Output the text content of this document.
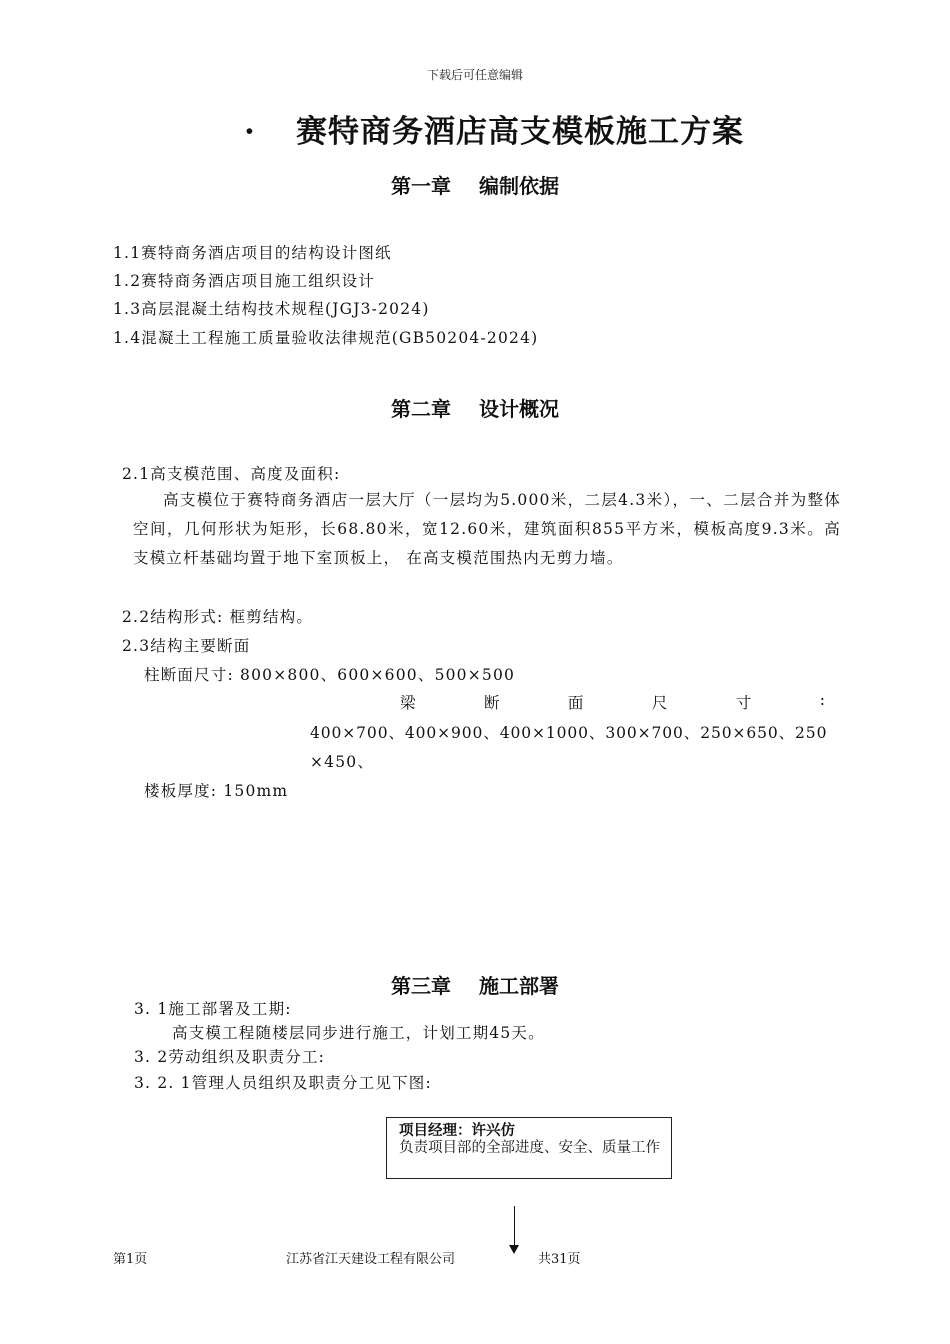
下载后可任意编辑
· 赛特商务酒店高支模板施工方案
第一章 编制依据
1.1赛特商务酒店项目的结构设计图纸
1.2赛特商务酒店项目施工组织设计
1.3高层混凝土结构技术规程(JGJ3-2024)
1.4混凝土工程施工质量验收法律规范(GB50204-2024)
第二章 设计概况
2.1高支模范围、高度及面积:
高支模位于赛特商务酒店一层大厅（一层均为5.000米，二层4.3米），一、二层合并为整体空间，几何形状为矩形，长68.80米，宽12.60米，建筑面积855平方米，模板高度9.3米。高支模立杆基础均置于地下室顶板上， 在高支模范围热内无剪力墙。
2.2结构形式: 框剪结构。
2.3结构主要断面
柱断面尺寸: 800×800、600×600、500×500
梁	断	面	尺	寸	:
400×700、400×900、400×1000、300×700、250×650、250
×450、
楼板厚度: 150mm
第三章 施工部署
3. 1施工部署及工期:
高支模工程随楼层同步进行施工，计划工期45天。
3. 2劳动组织及职责分工:
3. 2. 1管理人员组织及职责分工见下图:
项目经理：许兴仿
负责项目部的全部进度、安全、质量工作
第1页	江苏省江天建设工程有限公司	共31页
